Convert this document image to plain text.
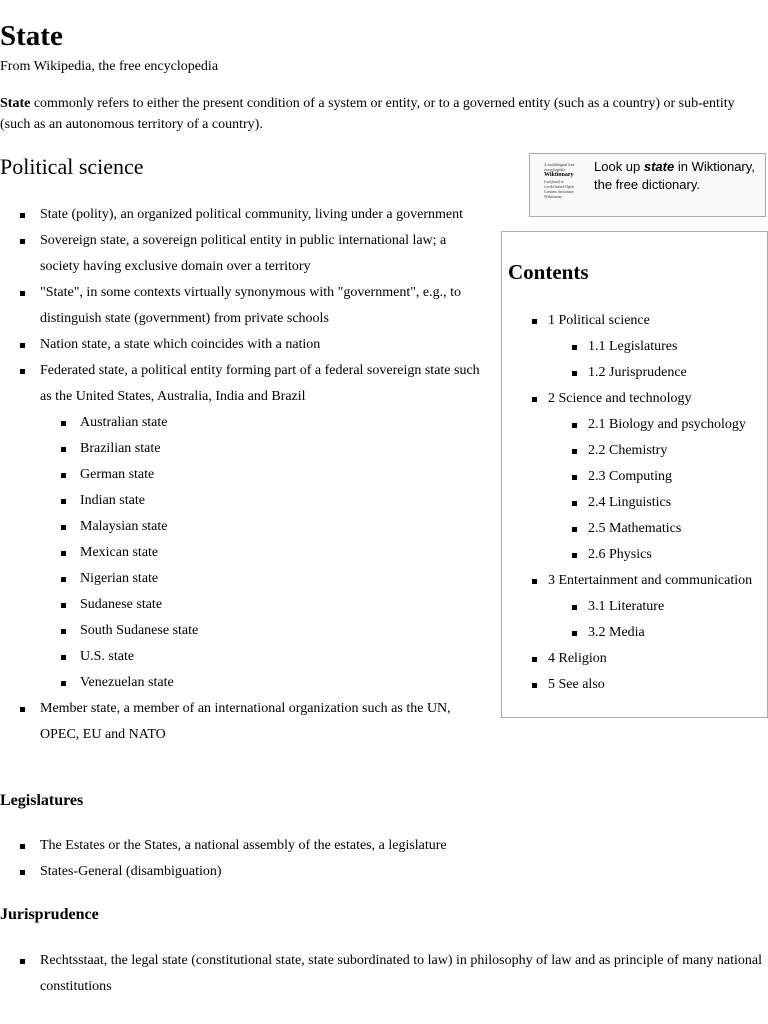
State
From Wikipedia, the free encyclopedia

State commonly refers to either the present condition of a system or entity, or to a governed entity (such as a country) or sub-entity (such as an autonomous territory of a country).

Political science
State (polity), an organized political community, living under a government
Sovereign state, a sovereign political entity in public international law; a society having exclusive domain over a territory
"State", in some contexts virtually synonymous with "government", e.g., to distinguish state (government) from private schools
Nation state, a state which coincides with a nation
Federated state, a political entity forming part of a federal sovereign state such as the United States, Australia, India and Brazil
Australian state
Brazilian state
German state
Indian state
Malaysian state
Mexican state
Nigerian state
Sudanese state
South Sudanese state
U.S. state
Venezuelan state
Member state, a member of an international organization such as the UN, OPEC, EU and NATO
Legislatures
The Estates or the States, a national assembly of the estates, a legislature
States-General (disambiguation)
Jurisprudence
Rechtsstaat, the legal state (constitutional state, state subordinated to law) in philosophy of law and as principle of many national constitutions
A multilingual free encyclopedia
Wiktionary
[wɪkʃənrɪ] n.
a wiki-based Open Content dictionary
Wiktionary ·
Look up state in Wiktionary, the free dictionary.
Contents
1 Political science
1.1 Legislatures
1.2 Jurisprudence
2 Science and technology
2.1 Biology and psychology
2.2 Chemistry
2.3 Computing
2.4 Linguistics
2.5 Mathematics
2.6 Physics
3 Entertainment and communication
3.1 Literature
3.2 Media
4 Religion
5 See also
